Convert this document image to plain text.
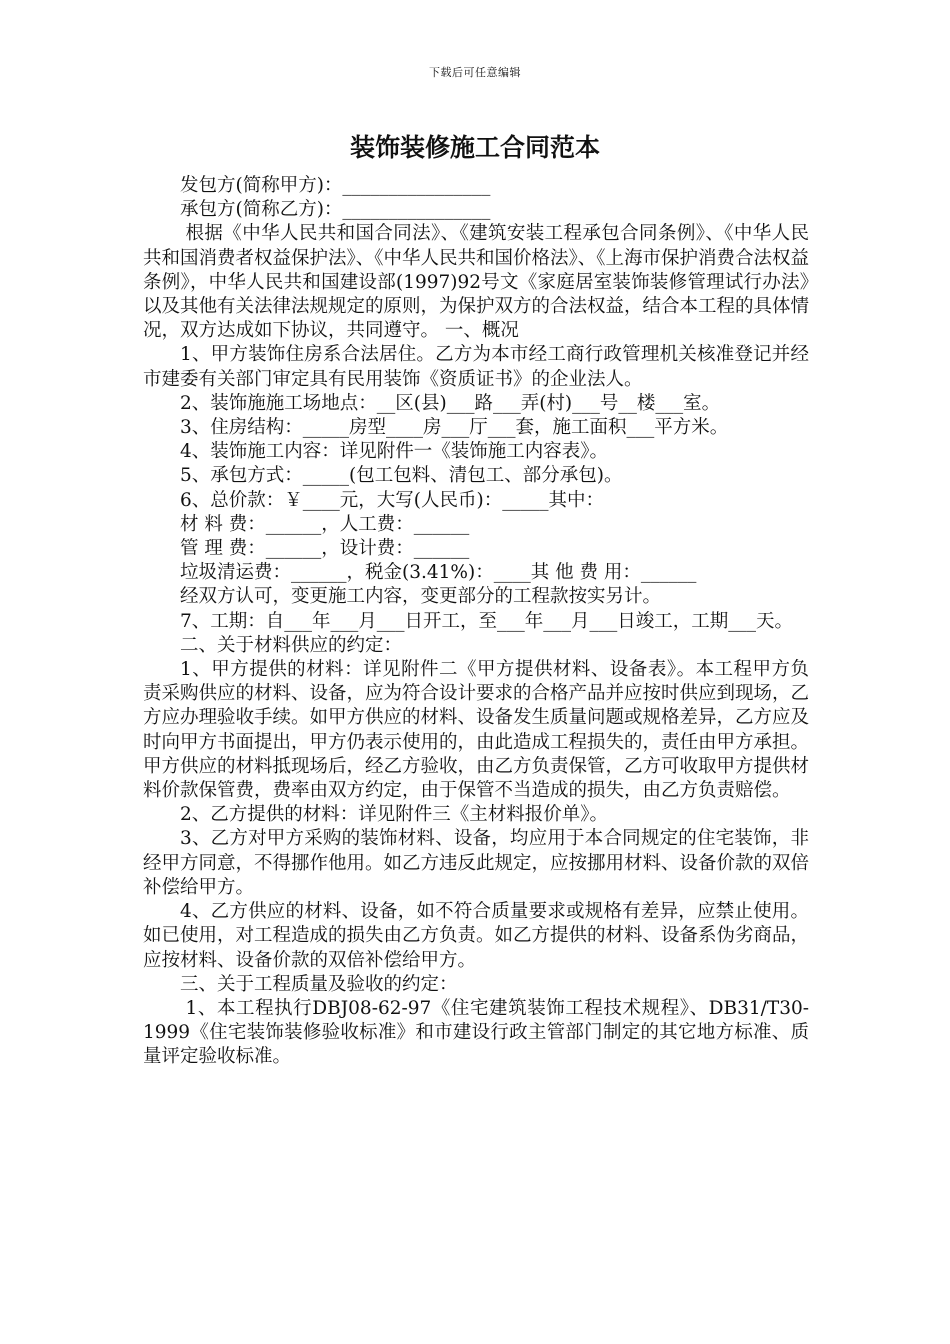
下载后可任意编辑
装饰装修施工合同范本

发包方(简称甲方)：________________

承包方(简称乙方)：________________

根据《中华人民共和国合同法》、《建筑安装工程承包合同条例》、《中华人民共和国消费者权益保护法》、《中华人民共和国价格法》、《上海市保护消费合法权益条例》，中华人民共和国建设部(1997)92号文《家庭居室装饰装修管理试行办法》以及其他有关法律法规规定的原则，为保护双方的合法权益，结合本工程的具体情况，双方达成如下协议，共同遵守。 一、概况

1、甲方装饰住房系合法居住。乙方为本市经工商行政管理机关核准登记并经市建委有关部门审定具有民用装饰《资质证书》的企业法人。

2、装饰施施工场地点：__区(县)___路___弄(村)___号__楼___室。

3、住房结构：_____房型____房___厅___套，施工面积___平方米。

4、装饰施工内容：详见附件一《装饰施工内容表》。

5、承包方式：_____(包工包料、清包工、部分承包)。

6、总价款：￥____元，大写(人民币)：_____其中：

材 料 费：______，人工费：______

管 理 费：______，设计费：______

垃圾清运费：______，税金(3.41%)：____其 他 费 用：______

经双方认可，变更施工内容，变更部分的工程款按实另计。

7、工期：自___年___月___日开工，至___年___月___日竣工，工期___天。

二、关于材料供应的约定：

1、甲方提供的材料：详见附件二《甲方提供材料、设备表》。本工程甲方负责采购供应的材料、设备，应为符合设计要求的合格产品并应按时供应到现场，乙方应办理验收手续。如甲方供应的材料、设备发生质量问题或规格差异，乙方应及时向甲方书面提出，甲方仍表示使用的，由此造成工程损失的，责任由甲方承担。甲方供应的材料抵现场后，经乙方验收，由乙方负责保管，乙方可收取甲方提供材料价款保管费，费率由双方约定，由于保管不当造成的损失，由乙方负责赔偿。

2、乙方提供的材料：详见附件三《主材料报价单》。

3、乙方对甲方采购的装饰材料、设备，均应用于本合同规定的住宅装饰，非经甲方同意，不得挪作他用。如乙方违反此规定，应按挪用材料、设备价款的双倍补偿给甲方。

4、乙方供应的材料、设备，如不符合质量要求或规格有差异，应禁止使用。如已使用，对工程造成的损失由乙方负责。如乙方提供的材料、设备系伪劣商品，应按材料、设备价款的双倍补偿给甲方。

三、关于工程质量及验收的约定：

1、本工程执行DBJ08-62-97《住宅建筑装饰工程技术规程》、DB31/T30-1999《住宅装饰装修验收标准》和市建设行政主管部门制定的其它地方标准、质量评定验收标准。
